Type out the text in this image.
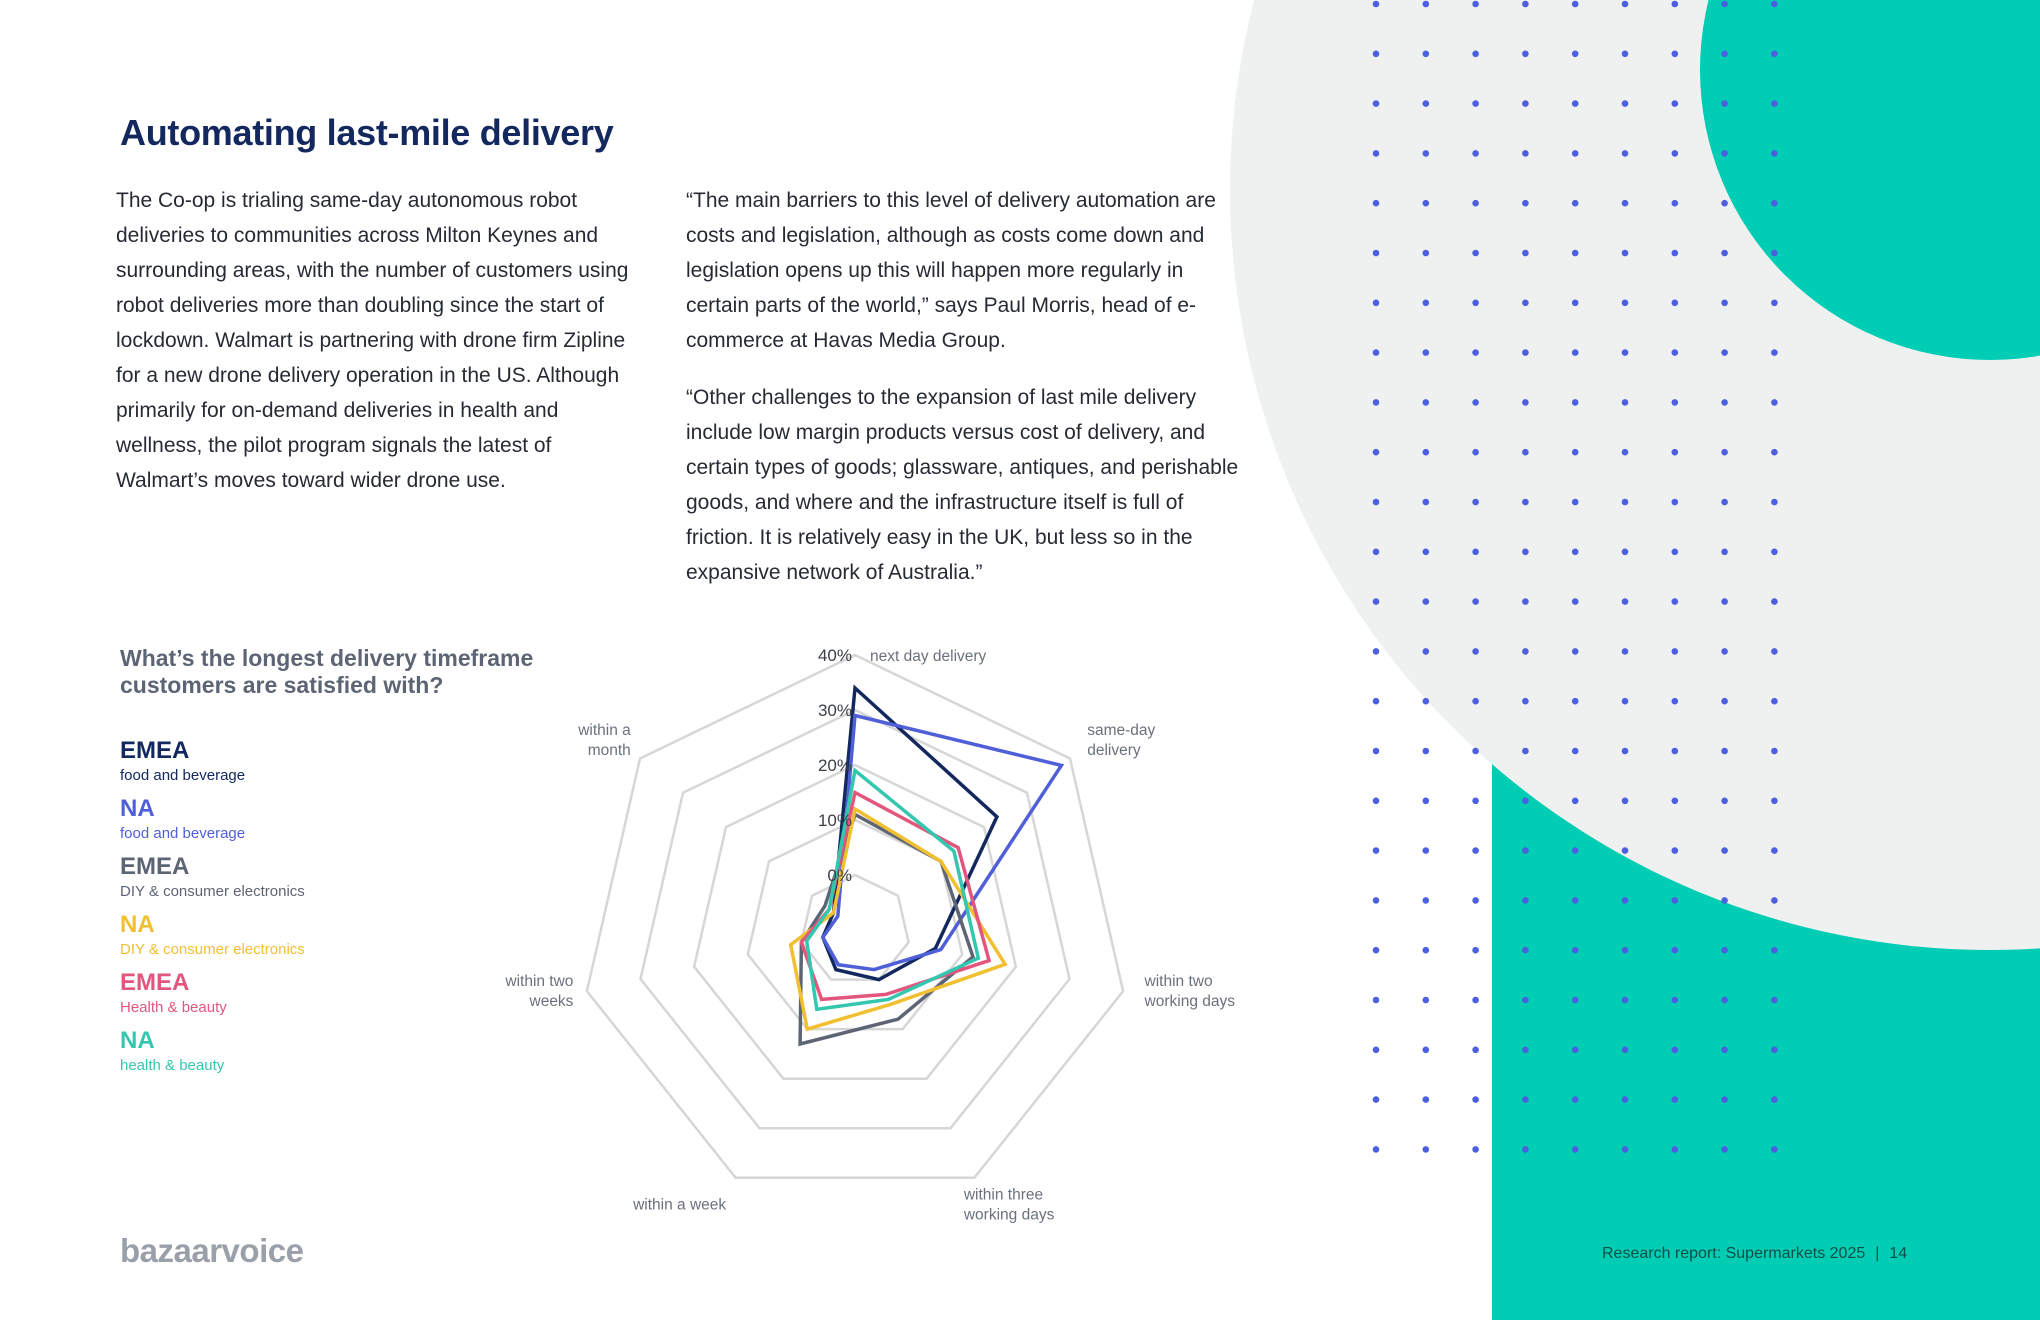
Automating last-mile delivery

The Co-op is trialing same-day autonomous robot deliveries to communities across Milton Keynes and surrounding areas, with the number of customers using robot deliveries more than doubling since the start of lockdown. Walmart is partnering with drone firm Zipline for a new drone delivery operation in the US. Although primarily for on-demand deliveries in health and wellness, the pilot program signals the latest of Walmart’s moves toward wider drone use.

“The main barriers to this level of delivery automation are costs and legislation, although as costs come down and legislation opens up this will happen more regularly in certain parts of the world,” says Paul Morris, head of e-commerce at Havas Media Group.

“Other challenges to the expansion of last mile delivery include low margin products versus cost of delivery, and certain types of goods; glassware, antiques, and perishable goods, and where and the infrastructure itself is full of friction. It is relatively easy in the UK, but less so in the expansive network of Australia.”

What’s the longest delivery timeframe customers are satisfied with?
EMEA
food and beverage
NA
food and beverage
EMEA
DIY & consumer electronics
NA
DIY & consumer electronics
EMEA
Health & beauty
NA
health & beauty
0%
10%
20%
30%
40% next day delivery
same-day delivery
within two working days
within three working days
within a week
within two weeks
within a month
bazaarvoice	Research report: Supermarkets 2025 | 14
